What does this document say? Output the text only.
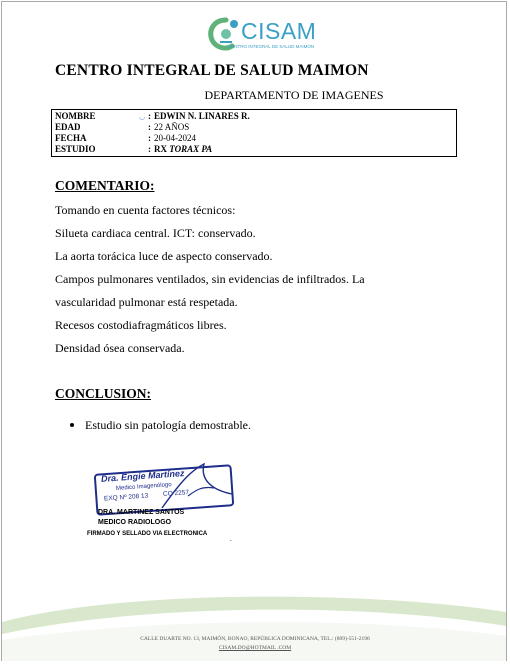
CISAM
CENTRO INTEGRAL DE SALUD MAIMON
CENTRO INTEGRAL DE SALUD MAIMON
DEPARTAMENTO DE IMAGENES
◡
NOMBRE	: EDWIN N. LINARES R.
EDAD	: 22 AÑOS
FECHA	: 20-04-2024
ESTUDIO	: RX TORAX PA
COMENTARIO:
Tomando en cuenta factores técnicos:
Silueta cardiaca central. ICT: conservado.
La aorta torácica luce de aspecto conservado.
Campos pulmonares ventilados, sin evidencias de infiltrados. La
vascularidad pulmonar está respetada.
Recesos costodiafragmáticos libres.
Densidad ósea conservada.
CONCLUSION:
Estudio sin patología demostrable.
Dra. Engie Martínez
Medico Imagenólogo
EXQ Nº 208 13 CO 2257
DRA. MARTINEZ SANTOS
MEDICO RADIOLOGO
FIRMADO Y SELLADO VIA ELECTRONICA
.
CALLE DUARTE NO. 13, MAIMÓN, BONAO, REPÚBLICA DOMINICANA, TEL.: (809)-551-2196
CISAM.DO@HOTMAIL .COM
